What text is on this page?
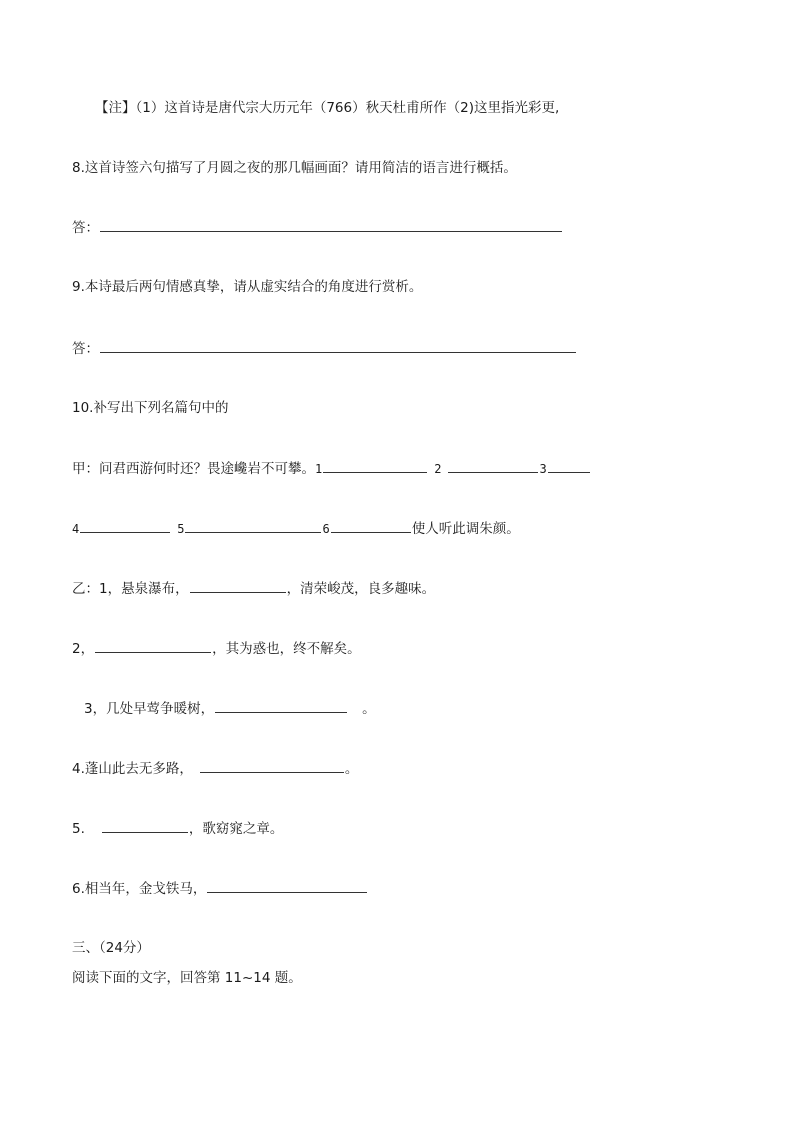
【注】（1）这首诗是唐代宗大历元年（766）秋天杜甫所作（2)这里指光彩更,
8.这首诗签六句描写了月圆之夜的那几幅画面？请用简洁的语言进行概括。
答：
9.本诗最后两句情感真挚，请从虚实结合的角度进行赏析。
答：
10.补写出下列名篇句中的
甲：问君西游何时还？畏途巉岩不可攀。1	2	3
4	5	6	使人听此调朱颜。
乙：1，悬泉瀑布，	，清荣峻茂，良多趣味。
2，	，其为惑也，终不解矣。
3，几处早莺争暖树，	。
4.蓬山此去无多路，	。
5.	，歌窈窕之章。
6.相当年，金戈铁马，
三、（24分）
阅读下面的文字，回答第 11~14 题。
